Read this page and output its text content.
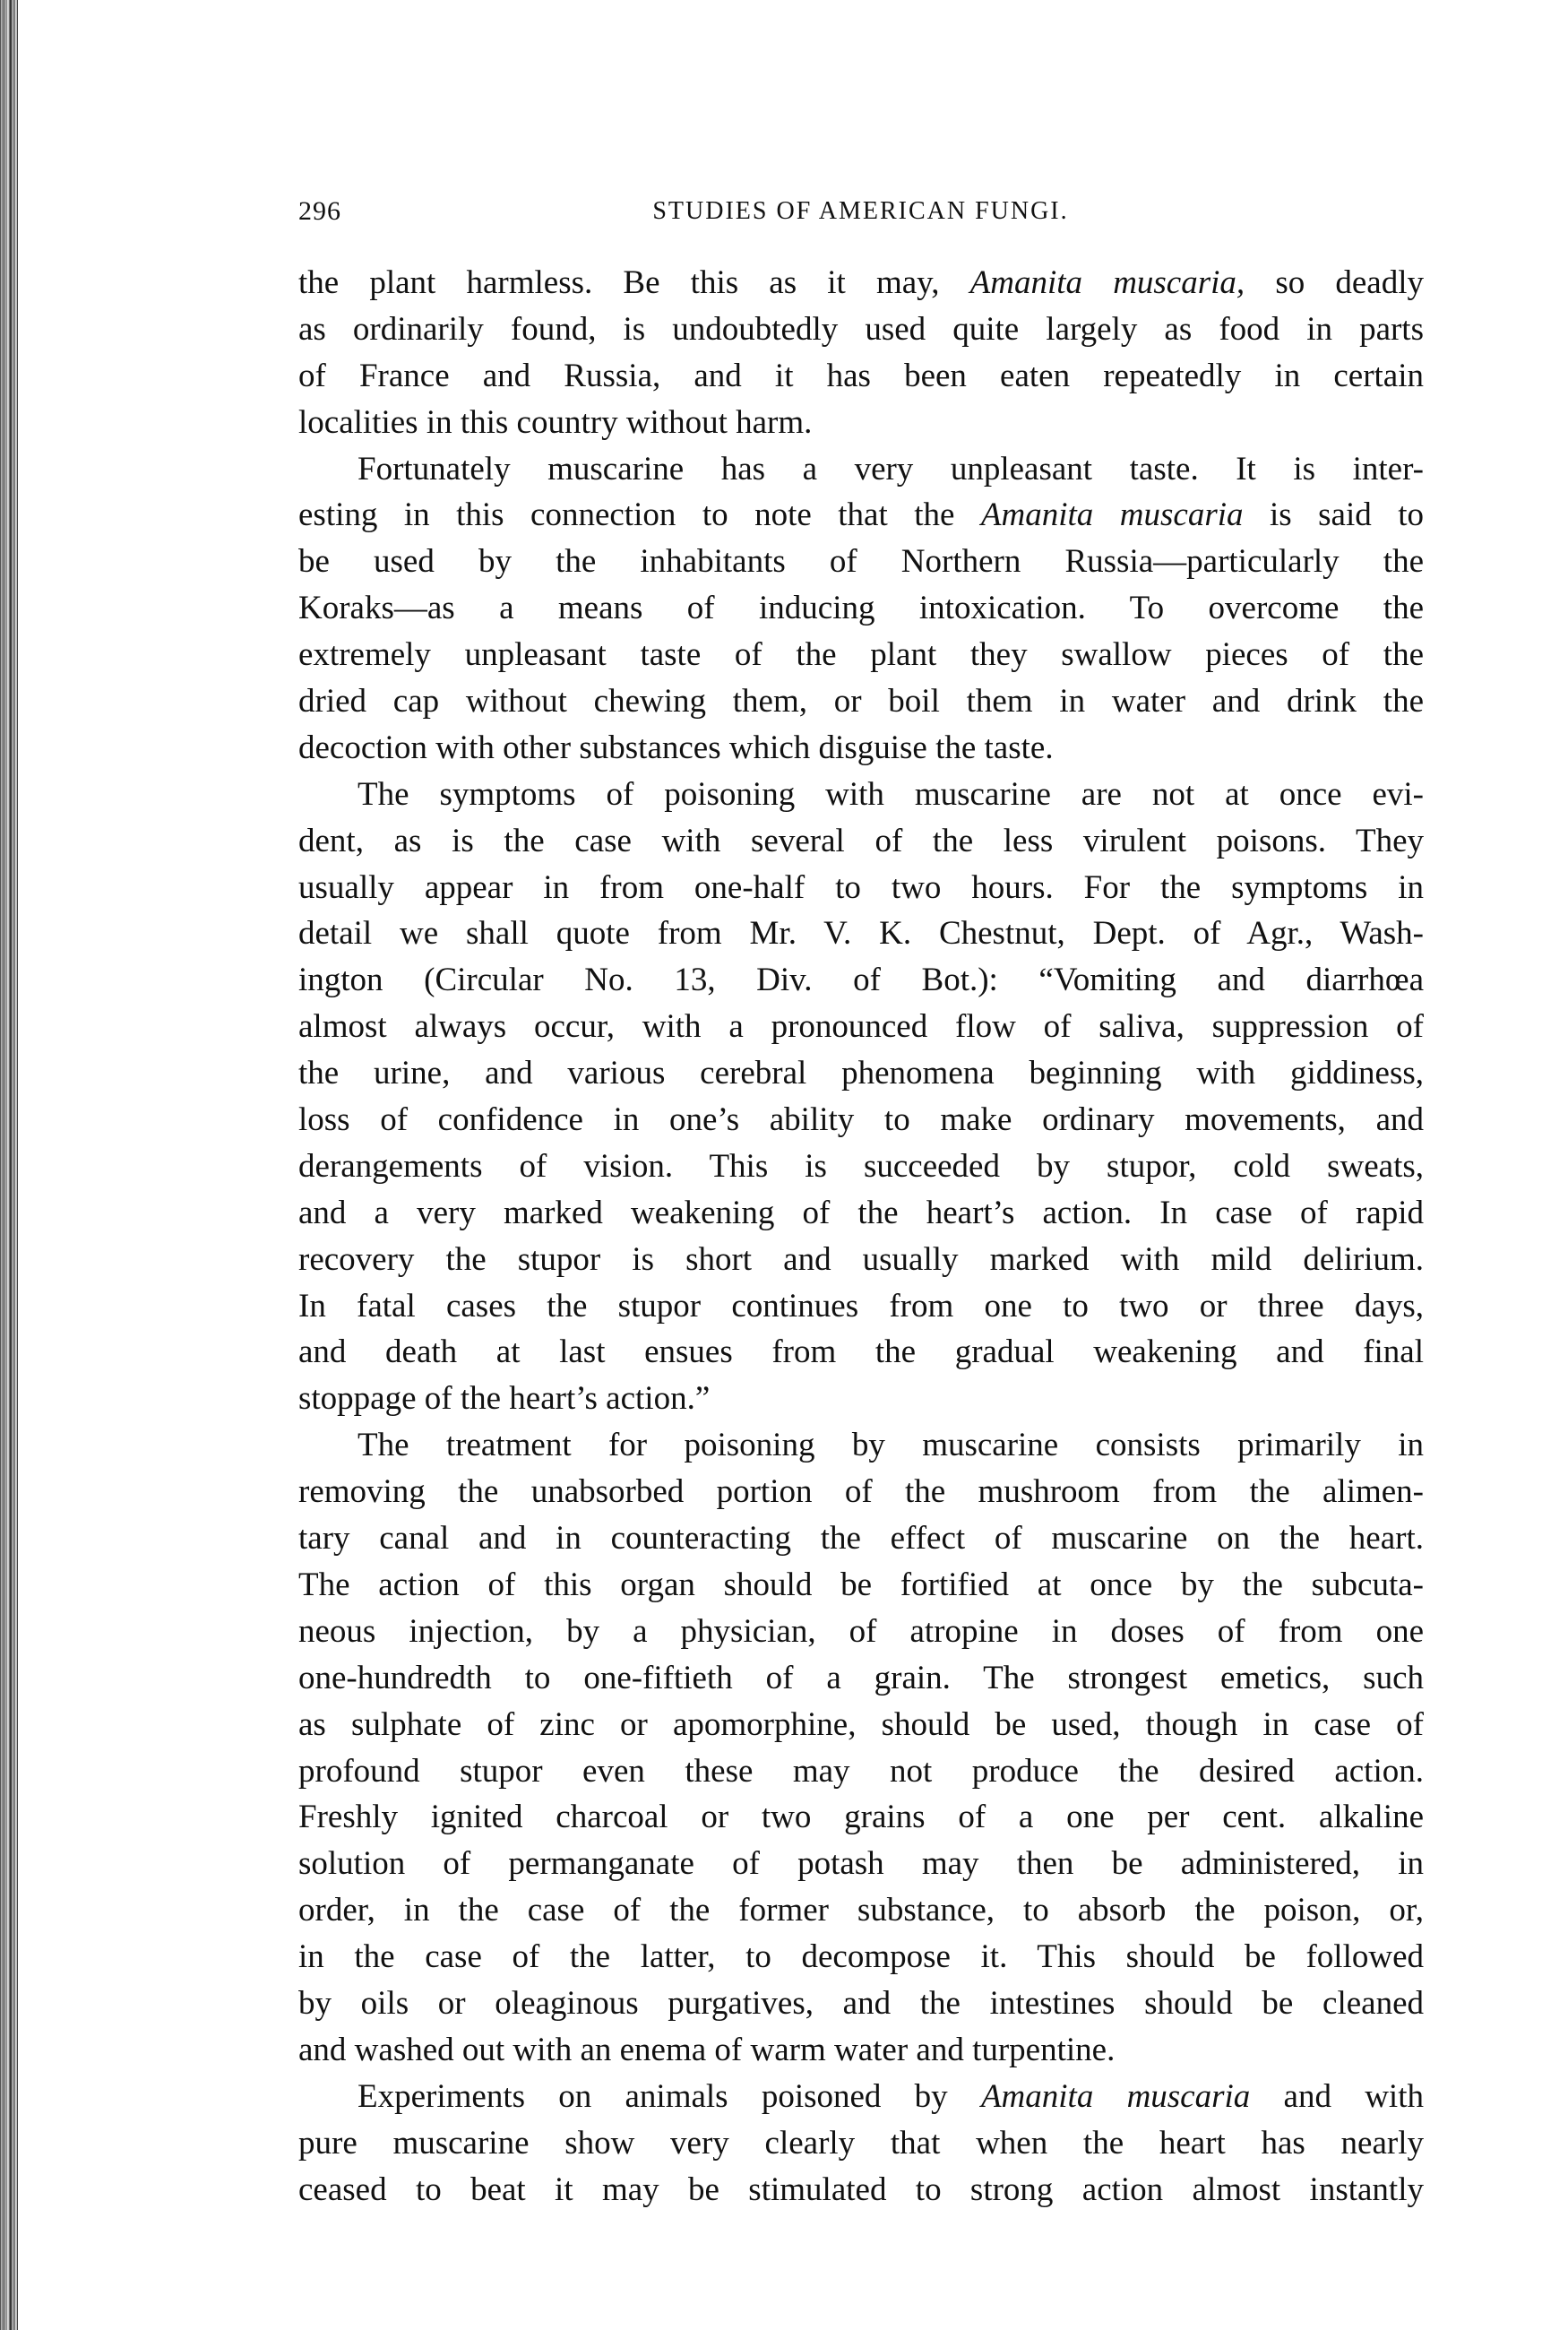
296	STUDIES OF AMERICAN FUNGI.
the plant harmless. Be this as it may, Amanita muscaria, so deadly
as ordinarily found, is undoubtedly used quite largely as food in parts
of France and Russia, and it has been eaten repeatedly in certain
localities in this country without harm.
Fortunately muscarine has a very unpleasant taste. It is inter-
esting in this connection to note that the Amanita muscaria is said to
be used by the inhabitants of Northern Russia—particularly the
Koraks—as a means of inducing intoxication. To overcome the
extremely unpleasant taste of the plant they swallow pieces of the
dried cap without chewing them, or boil them in water and drink the
decoction with other substances which disguise the taste.
The symptoms of poisoning with muscarine are not at once evi-
dent, as is the case with several of the less virulent poisons. They
usually appear in from one-half to two hours. For the symptoms in
detail we shall quote from Mr. V. K. Chestnut, Dept. of Agr., Wash-
ington (Circular No. 13, Div. of Bot.): “Vomiting and diarrhœa
almost always occur, with a pronounced flow of saliva, suppression of
the urine, and various cerebral phenomena beginning with giddiness,
loss of confidence in one’s ability to make ordinary movements, and
derangements of vision. This is succeeded by stupor, cold sweats,
and a very marked weakening of the heart’s action. In case of rapid
recovery the stupor is short and usually marked with mild delirium.
In fatal cases the stupor continues from one to two or three days,
and death at last ensues from the gradual weakening and final
stoppage of the heart’s action.”
The treatment for poisoning by muscarine consists primarily in
removing the unabsorbed portion of the mushroom from the alimen-
tary canal and in counteracting the effect of muscarine on the heart.
The action of this organ should be fortified at once by the subcuta-
neous injection, by a physician, of atropine in doses of from one
one-hundredth to one-fiftieth of a grain. The strongest emetics, such
as sulphate of zinc or apomorphine, should be used, though in case of
profound stupor even these may not produce the desired action.
Freshly ignited charcoal or two grains of a one per cent. alkaline
solution of permanganate of potash may then be administered, in
order, in the case of the former substance, to absorb the poison, or,
in the case of the latter, to decompose it. This should be followed
by oils or oleaginous purgatives, and the intestines should be cleaned
and washed out with an enema of warm water and turpentine.
Experiments on animals poisoned by Amanita muscaria and with
pure muscarine show very clearly that when the heart has nearly
ceased to beat it may be stimulated to strong action almost instantly
